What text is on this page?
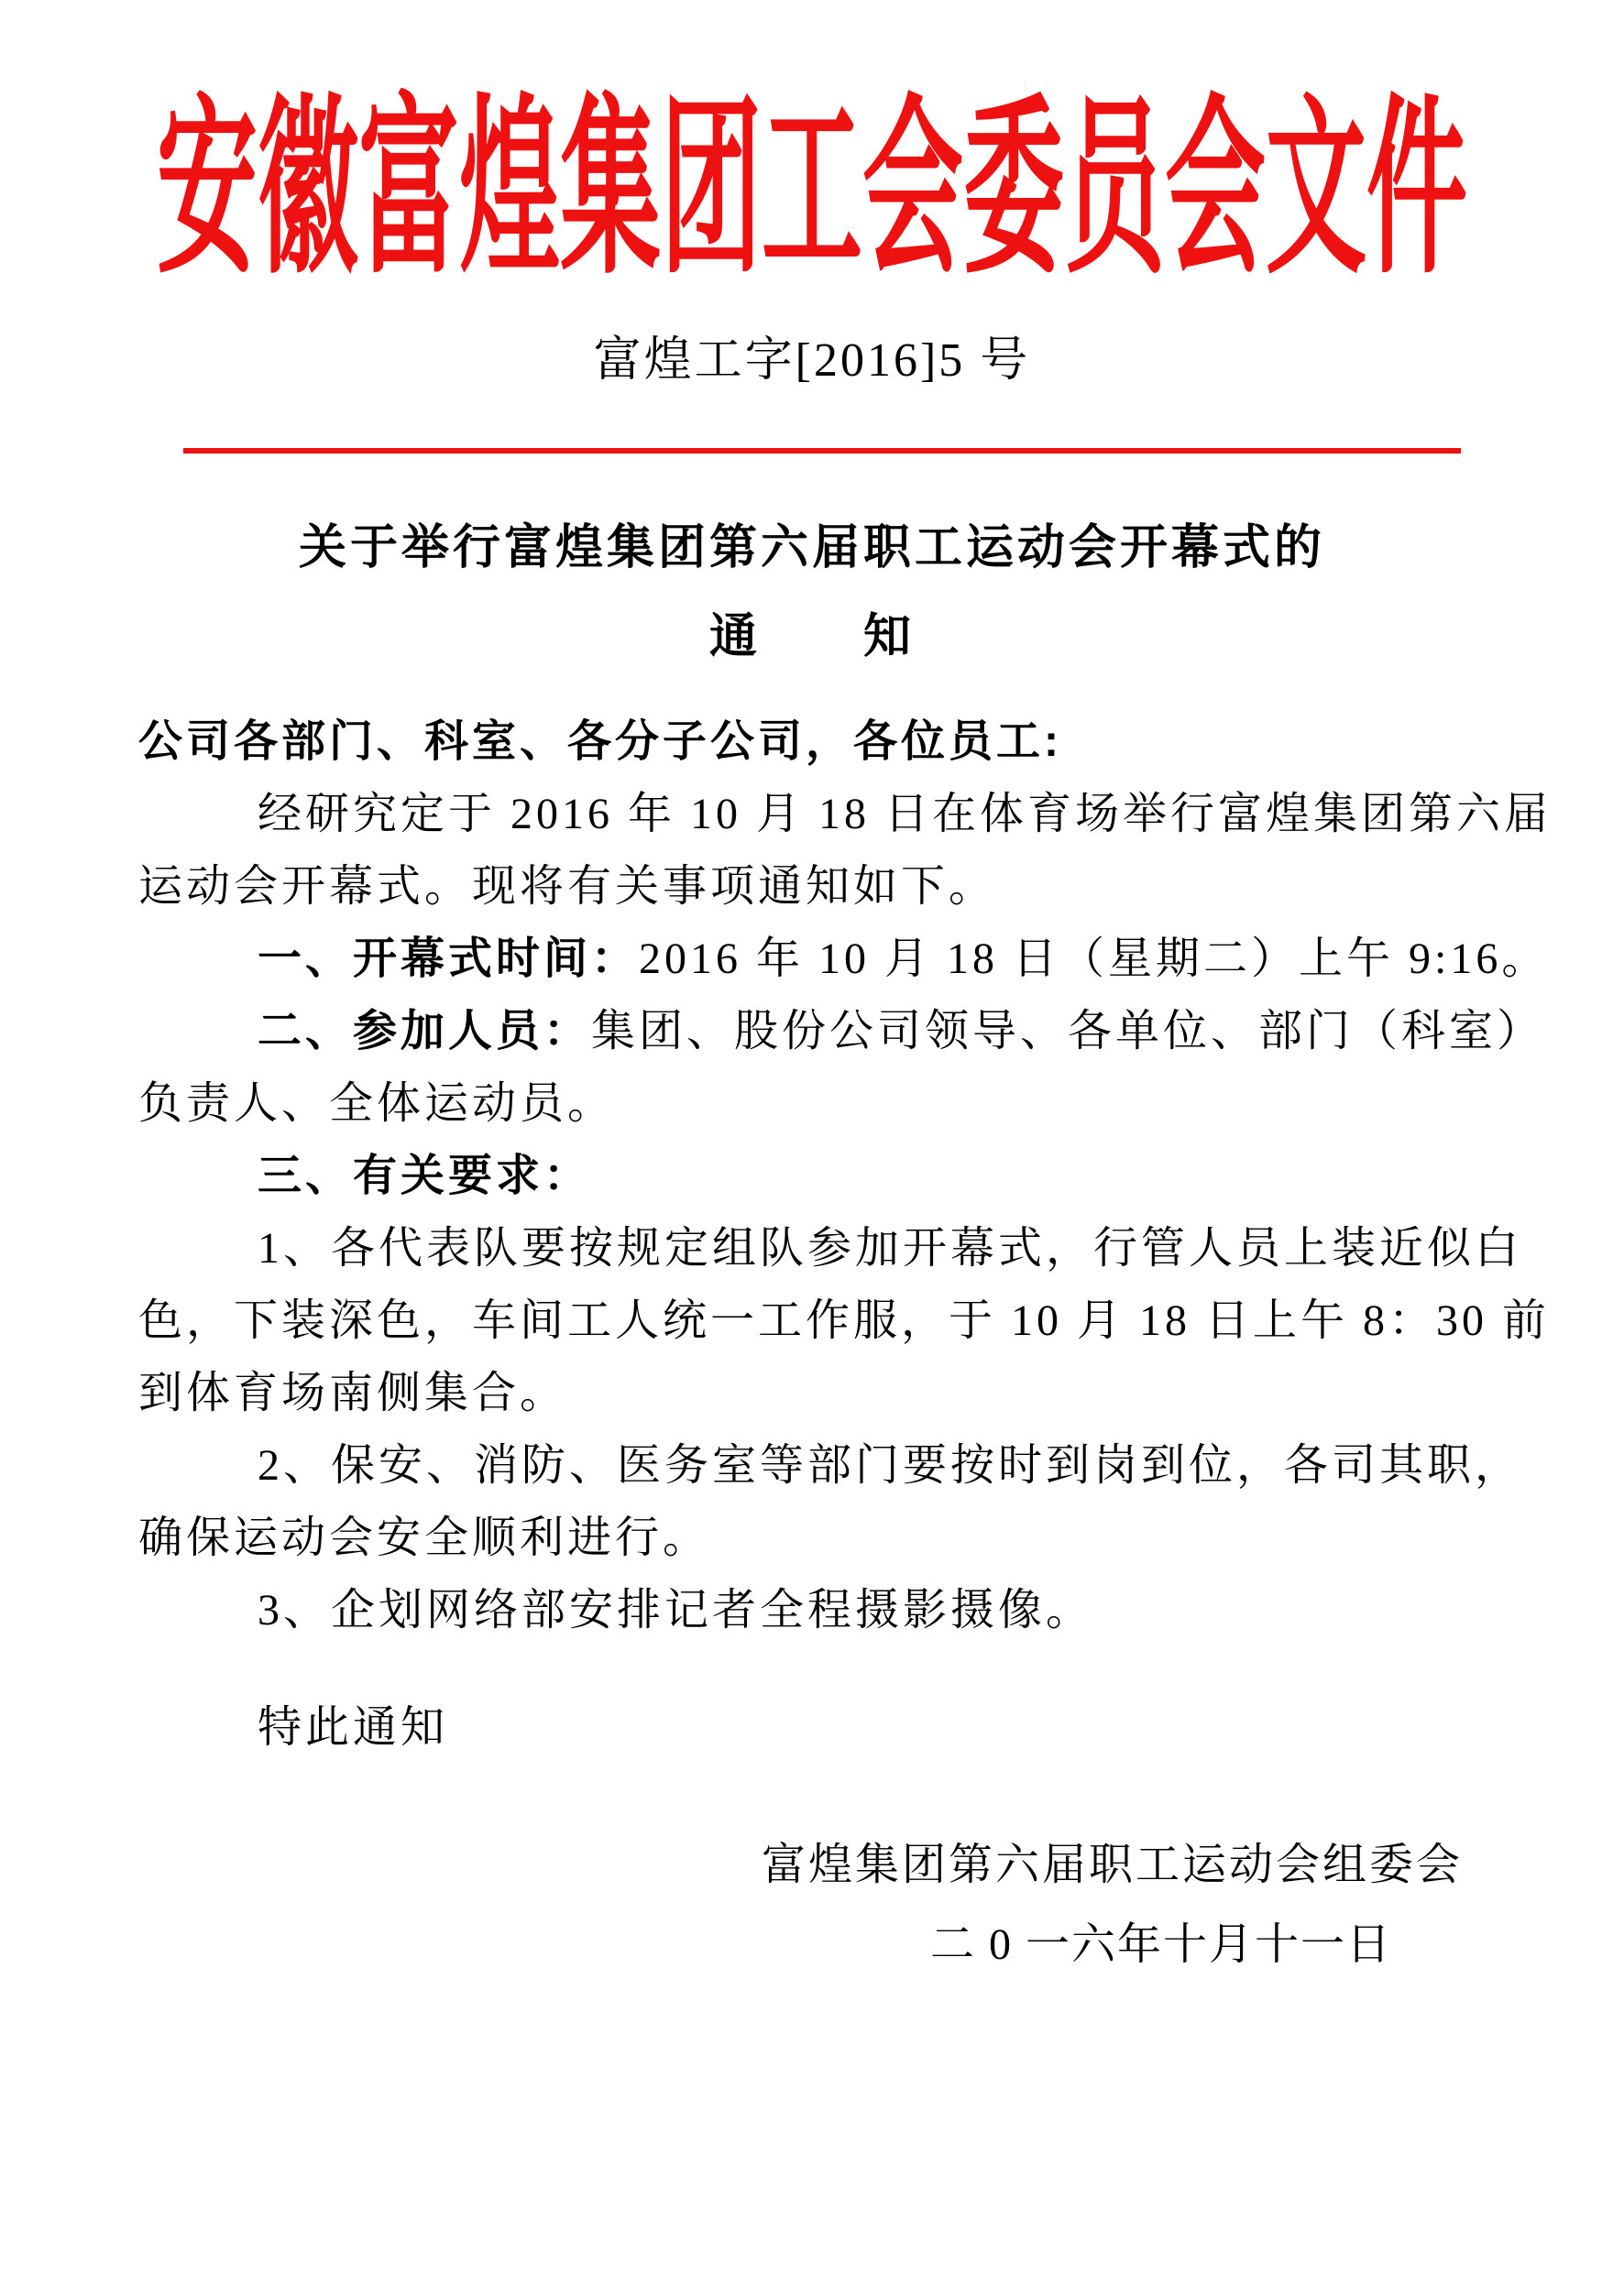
安徽富煌集团工会委员会文件
富煌工字[2016]5 号
关于举行富煌集团第六届职工运动会开幕式的
通　　知
公司各部门、科室、各分子公司，各位员工:
经研究定于 2016 年 10 月 18 日在体育场举行富煌集团第六届
运动会开幕式。现将有关事项通知如下。
一、开幕式时间：2016 年 10 月 18 日（星期二）上午 9:16。
二、参加人员：集团、股份公司领导、各单位、部门（科室）
负责人、全体运动员。
三、有关要求：
1、各代表队要按规定组队参加开幕式，行管人员上装近似白
色，下装深色，车间工人统一工作服，于 10 月 18 日上午 8：30 前
到体育场南侧集合。
2、保安、消防、医务室等部门要按时到岗到位，各司其职，
确保运动会安全顺利进行。
3、企划网络部安排记者全程摄影摄像。
特此通知
富煌集团第六届职工运动会组委会
二 0 一六年十月十一日
